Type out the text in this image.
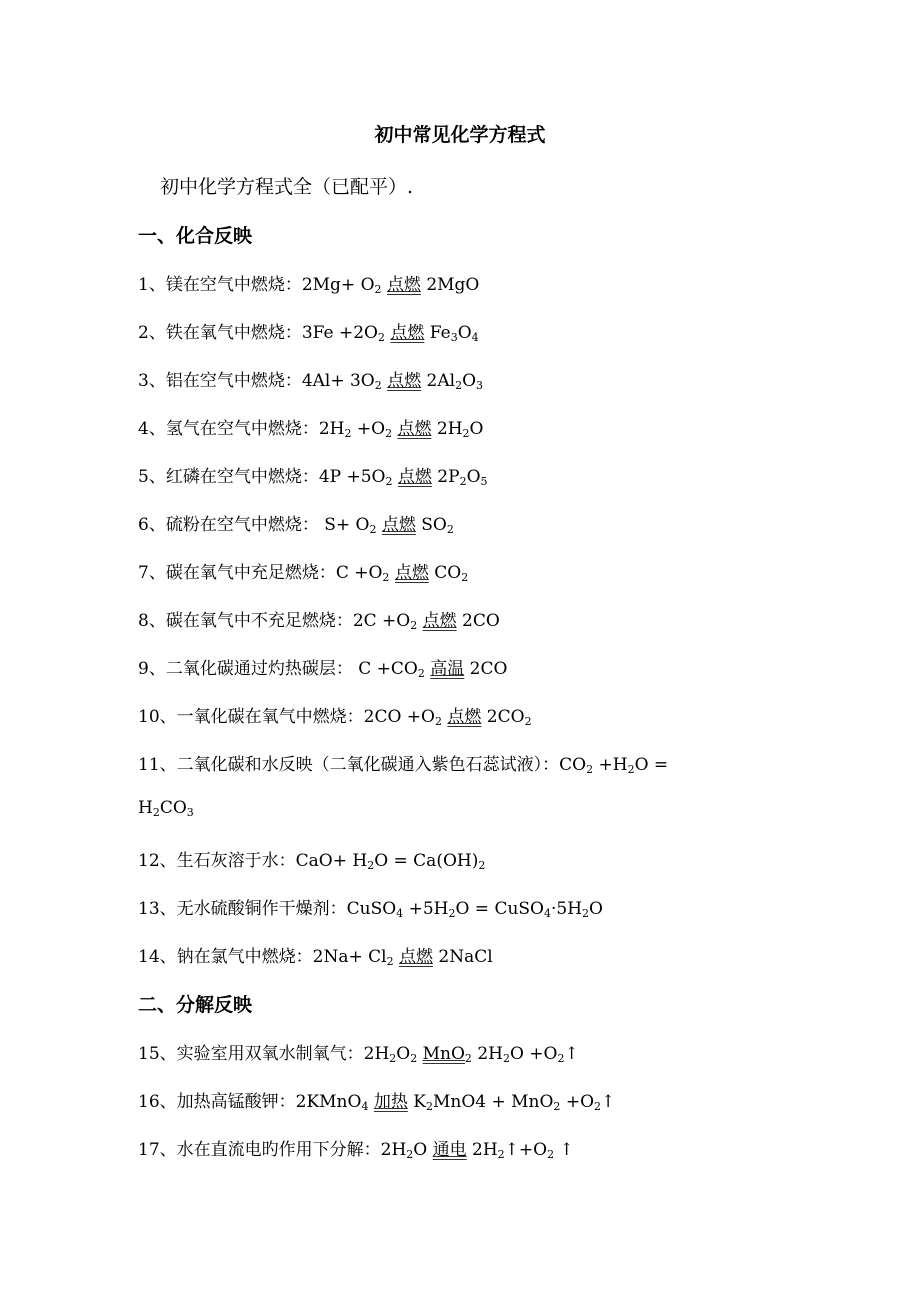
初中常见化学方程式
初中化学方程式全（已配平）.
一、化合反映
1、镁在空气中燃烧：$2Mg+ O_2$ 点燃 2MgO
2、铁在氧气中燃烧：$3Fe +2O_2$ 点燃 $Fe_3O_4$
3、铝在空气中燃烧：$4Al+ 3O_2$ 点燃 $2Al_2O_3$
4、氢气在空气中燃烧：$2H_2 +O_2$ 点燃 $2H_2O$
5、红磷在空气中燃烧：$4P +5O_2$ 点燃 $2P_2O_5$
6、硫粉在空气中燃烧： $S+ O_2$ 点燃 $SO_2$
7、碳在氧气中充足燃烧：$C +O_2$ 点燃 $CO_2$
8、碳在氧气中不充足燃烧：$2C +O_2$ 点燃 2CO
9、二氧化碳通过灼热碳层： $C +CO_2$ 高温 2CO
10、一氧化碳在氧气中燃烧：$2CO +O_2$ 点燃 $2CO_2$
11、二氧化碳和水反映（二氧化碳通入紫色石蕊试液）：$CO_2 +H_2O$ =
$H_2CO_3$
12、生石灰溶于水：$CaO+ H_2O = Ca(OH)_2$
13、无水硫酸铜作干燥剂：CuSO$_4$ $+5H_2O$ = $CuSO_4\cdot 5H_2O$
14、钠在氯气中燃烧：$2Na+ Cl_2$ 点燃 2NaCl
二、分解反映
15、实验室用双氧水制氧气：$2H_2O_2$ MnO$_2$ $2H_2O$ $+O_2↑$
16、加热高锰酸钾：2KMnO$_4$ 加热 $K_2MnO4 + MnO_2$ $+O_2↑$
17、水在直流电旳作用下分解：$2H_2O$ 通电 $2H_2↑+O_2$ ↑
